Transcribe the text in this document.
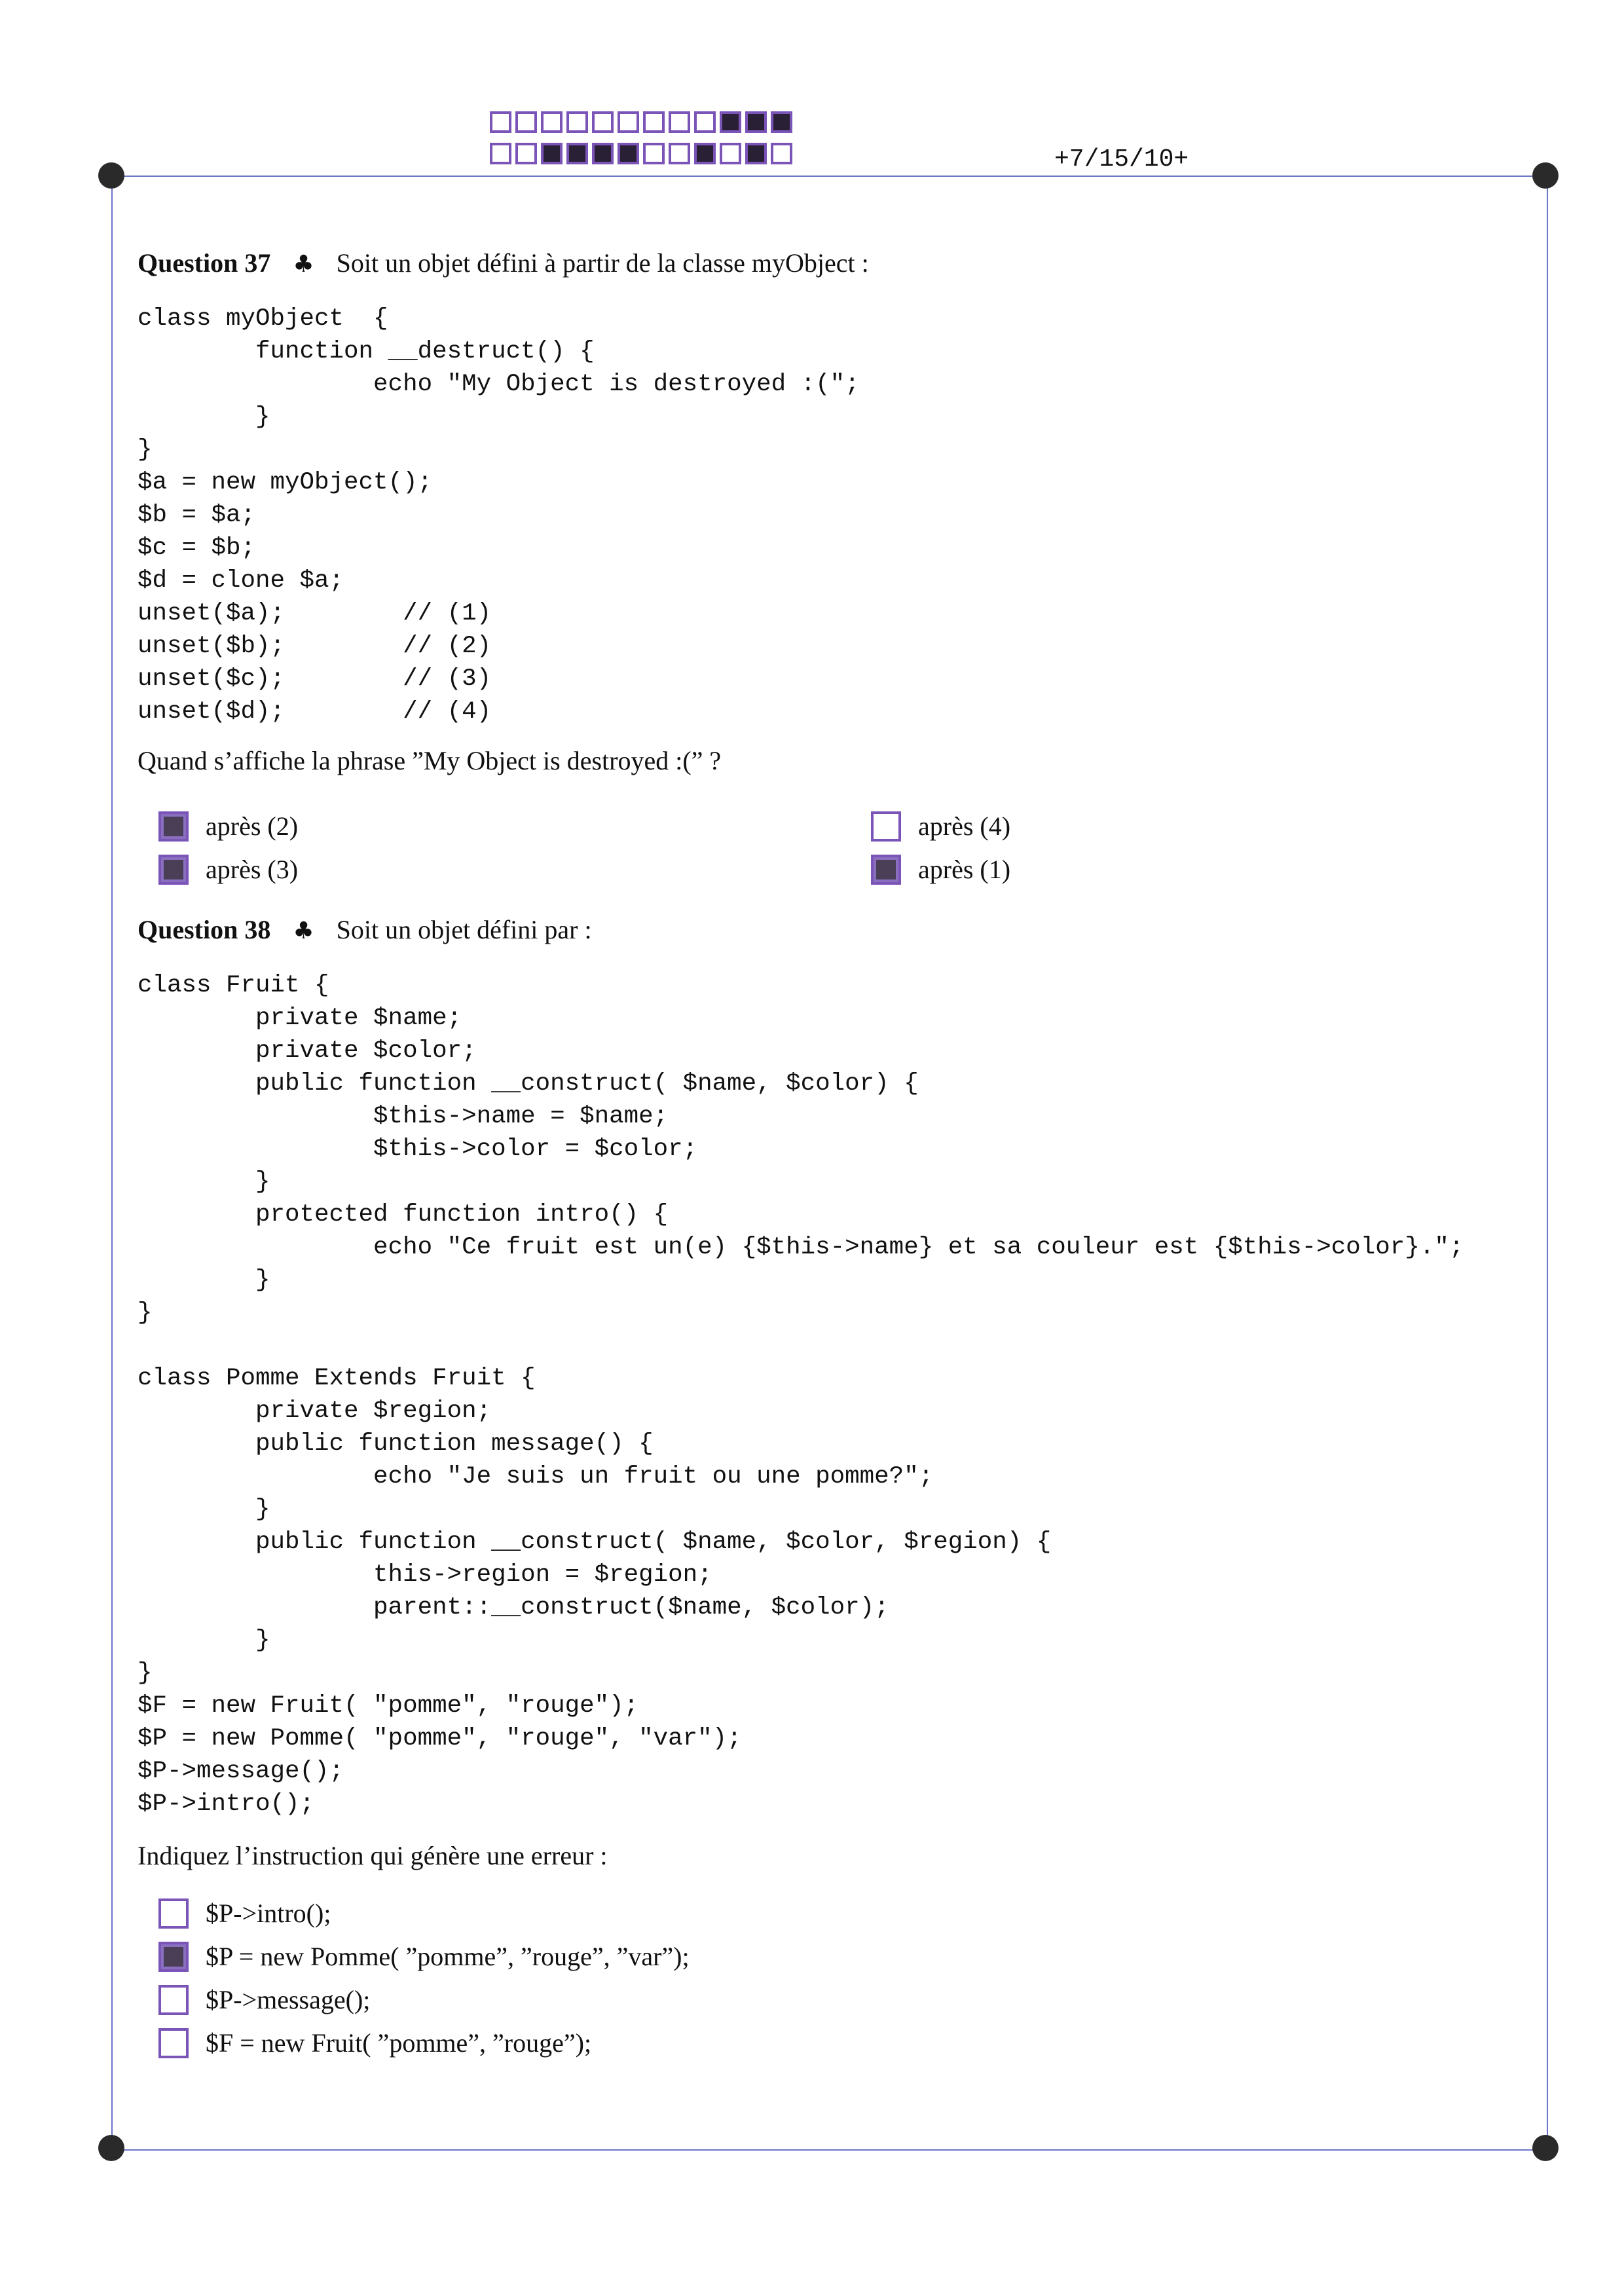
+7/15/10+
Question 37 ♣ Soit un objet défini à partir de la classe myObject :
class myObject  {
function __destruct() {
echo "My Object is destroyed :(";
}
}
$a = new myObject();
$b = $a;
$c = $b;
$d = clone $a;
unset($a);        // (1)
unset($b);        // (2)
unset($c);        // (3)
unset($d);        // (4)
Quand s’affiche la phrase ”My Object is destroyed :(” ?
après (2)
après (3)
après (4)
après (1)
Question 38 ♣ Soit un objet défini par :
class Fruit {
private $name;
private $color;
public function __construct( $name, $color) {
$this->name = $name;
$this->color = $color;
}
protected function intro() {
echo "Ce fruit est un(e) {$this->name} et sa couleur est {$this->color}.";
}
}

class Pomme Extends Fruit {
private $region;
public function message() {
echo "Je suis un fruit ou une pomme?";
}
public function __construct( $name, $color, $region) {
this->region = $region;
parent::__construct($name, $color);
}
}
$F = new Fruit( "pomme", "rouge");
$P = new Pomme( "pomme", "rouge", "var");
$P->message();
$P->intro();
Indiquez l’instruction qui génère une erreur :
$P->intro();
$P = new Pomme( ”pomme”, ”rouge”, ”var”);
$P->message();
$F = new Fruit( ”pomme”, ”rouge”);
